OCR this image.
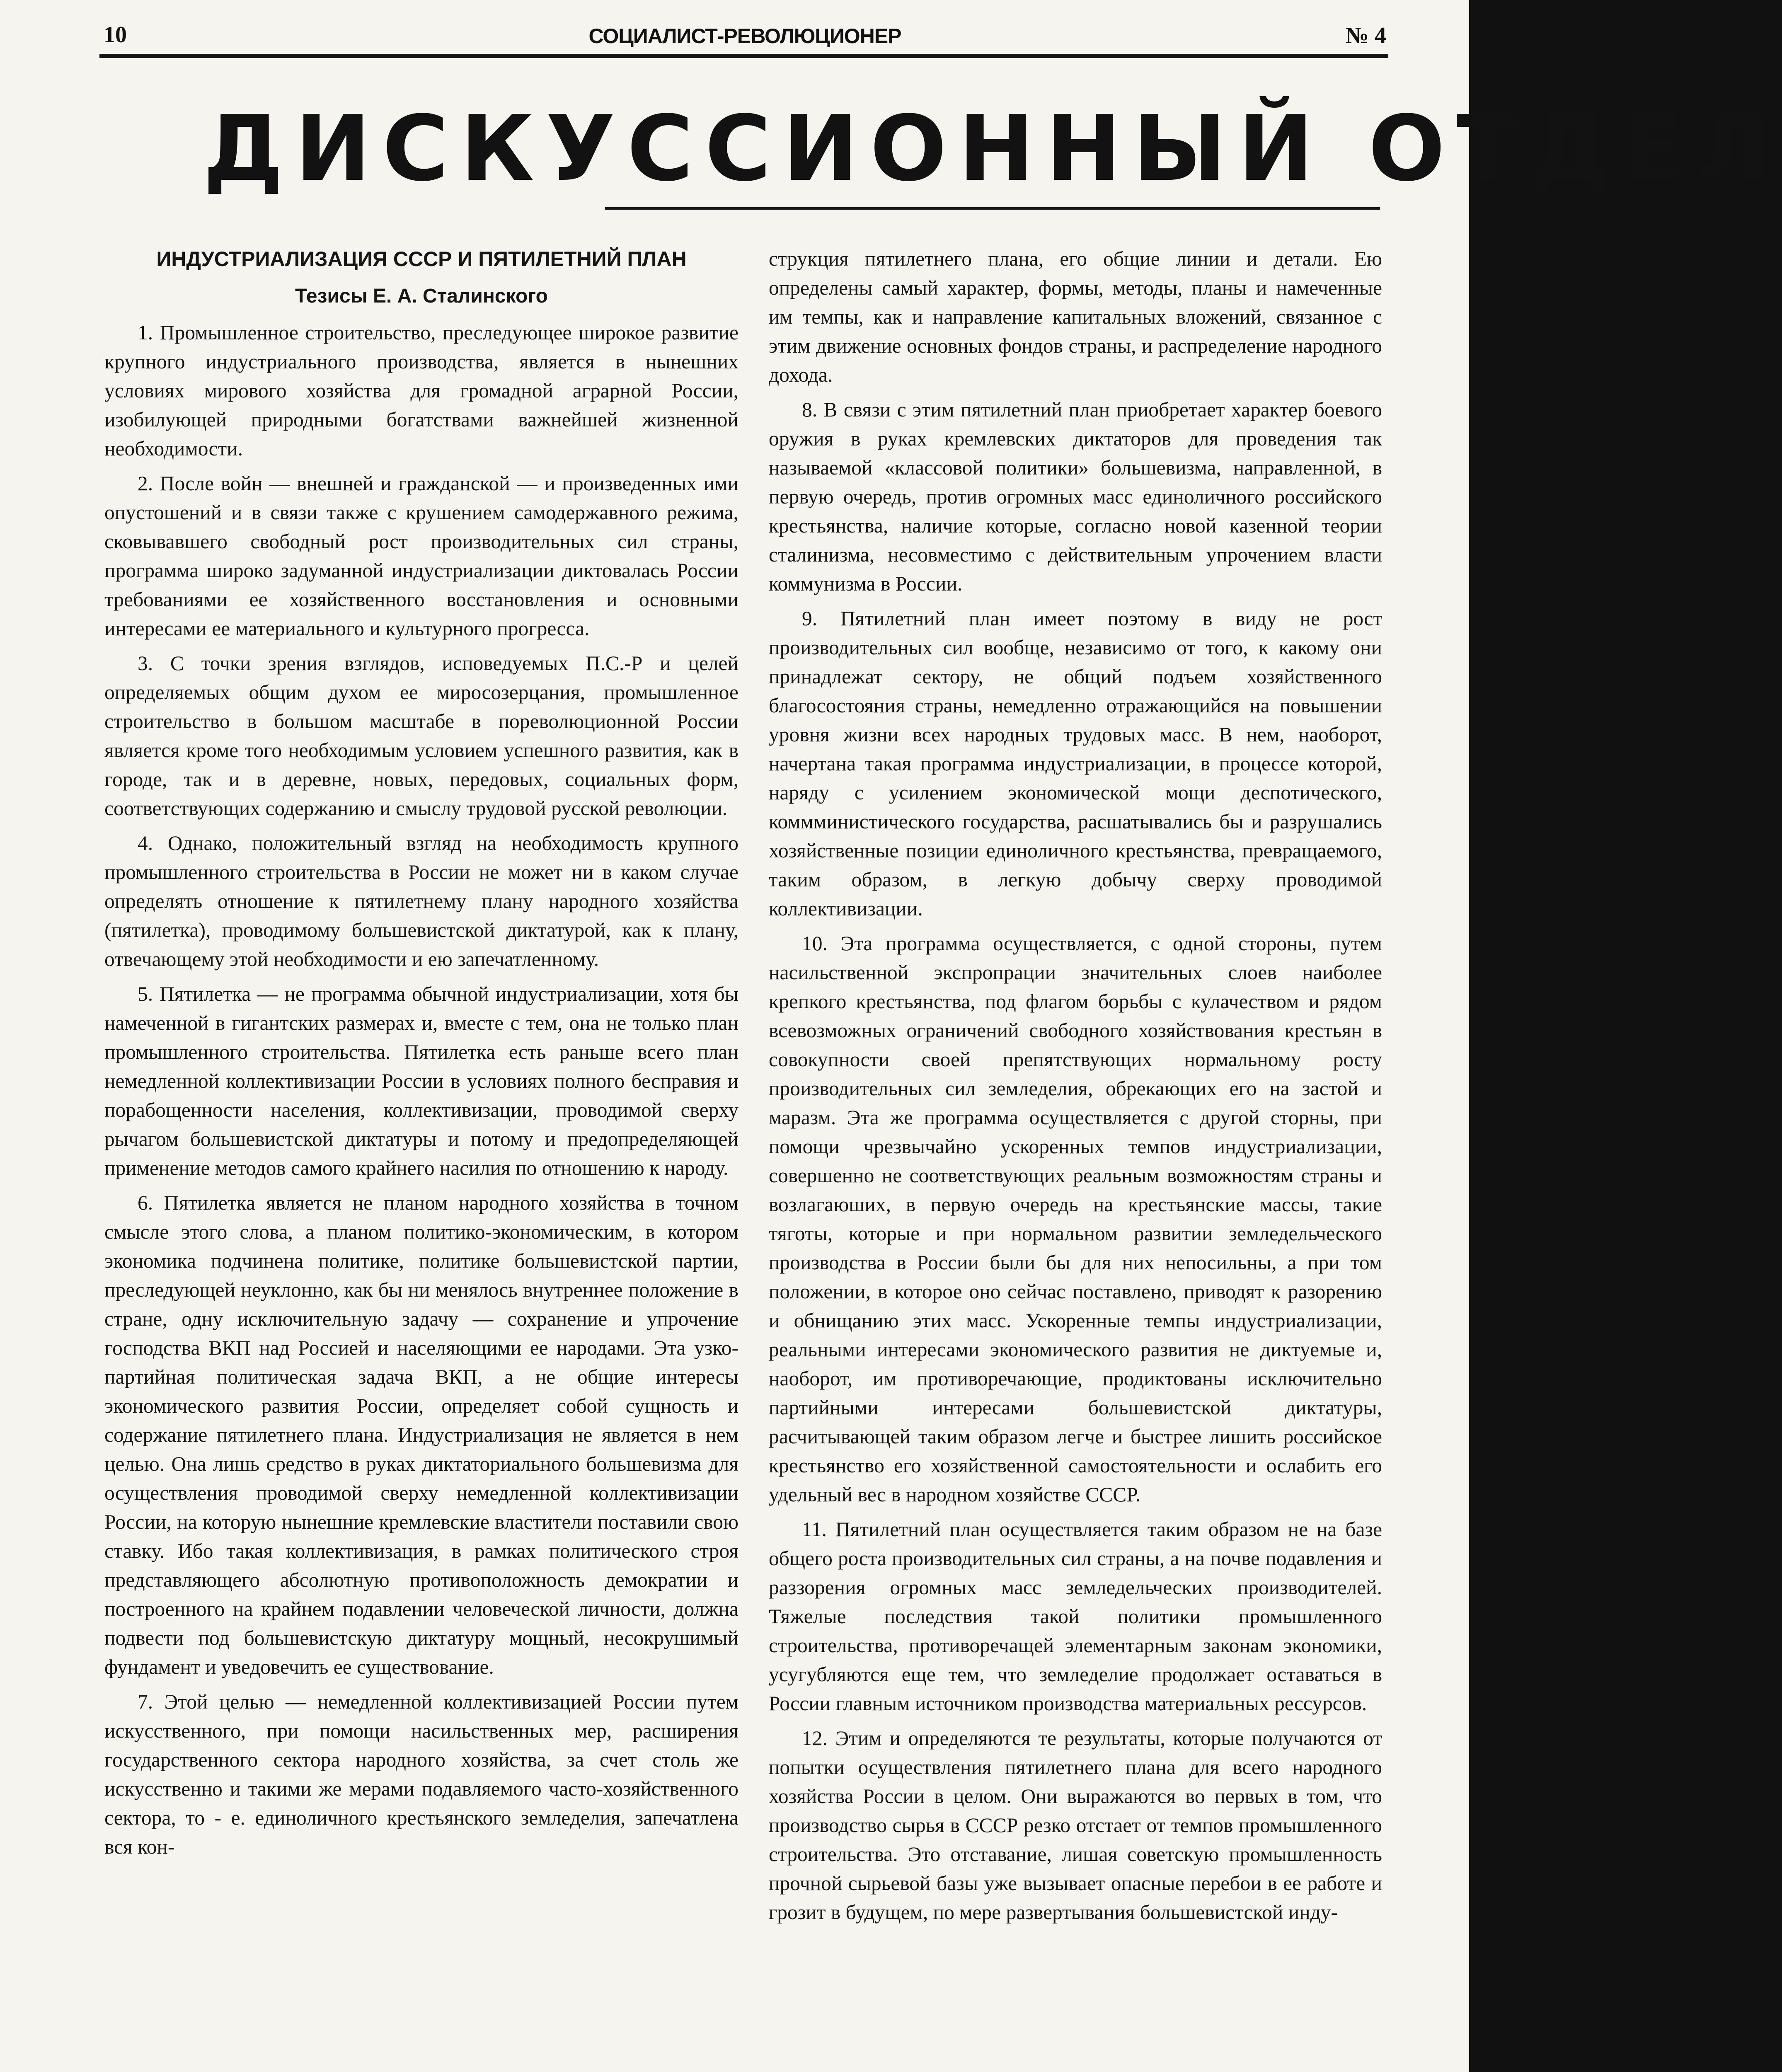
10	СОЦИАЛИСТ-РЕВОЛЮЦИОНЕР	№ 4
ДИСКУССИОННЫЙ ОТДЕЛ
ИНДУСТРИАЛИЗАЦИЯ СССР И ПЯТИЛЕТНИЙ ПЛАН
Тезисы Е. А. Сталинского

1. Промышленное строительство, преследующее широкое развитие крупного индустриального производства, является в нынешних условиях мирового хозяйства для громадной аграрной России, изобилующей природными богатствами важнейшей жизненной необходимости.

2. После войн — внешней и гражданской — и произведенных ими опустошений и в связи также с крушением самодержавного режима, сковывавшего свободный рост производительных сил страны, программа широко задуманной индустриализации диктовалась России требованиями ее хозяйственного восстановления и основными интересами ее материального и культурного прогресса.

3. С точки зрения взглядов, исповедуемых П.С.-Р и целей определяемых общим духом ее миросозерцания, промышленное строительство в большом масштабе в пореволюционной России является кроме того необходимым условием успешного развития, как в городе, так и в деревне, новых, передовых, социальных форм, соответствующих содержанию и смыслу трудовой русской революции.

4. Однако, положительный взгляд на необходимость крупного промышленного строительства в России не может ни в каком случае определять отношение к пятилетнему плану народного хозяйства (пятилетка), проводимому большевистской диктатурой, как к плану, отвечающему этой необходимости и ею запечатленному.

5. Пятилетка — не программа обычной индустриализации, хотя бы намеченной в гигантских размерах и, вместе с тем, она не только план промышленного строительства. Пятилетка есть раньше всего план немедленной коллективизации России в условиях полного бесправия и порабощенности населения, коллективизации, проводимой сверху рычагом большевистской диктатуры и потому и предопределяющей применение методов самого крайнего насилия по отношению к народу.

6. Пятилетка является не планом народного хозяйства в точном смысле этого слова, а планом политико-экономическим, в котором экономика подчинена политике, политике большевистской партии, преследующей неуклонно, как бы ни менялось внутреннее положение в стране, одну исключительную задачу — сохранение и упрочение господства ВКП над Россией и населяющими ее народами. Эта узко-партийная политическая задача ВКП, а не общие интересы экономического развития России, определяет собой сущность и содержание пятилетнего плана. Индустриализация не является в нем целью. Она лишь средство в руках диктаториального большевизма для осуществления проводимой сверху немедленной коллективизации России, на которую нынешние кремлевские властители поставили свою ставку. Ибо такая коллективизация, в рамках политического строя представляющего абсолютную противоположность демократии и построенного на крайнем подавлении человеческой личности, должна подвести под большевистскую диктатуру мощный, несокрушимый фундамент и уведовечить ее существование.

7. Этой целью — немедленной коллективизацией России путем искусственного, при помощи насильственных мер, расширения государственного сектора народного хозяйства, за счет столь же искусственно и такими же мерами подавляемого часто-хозяйственного сектора, то - е. единоличного крестьянского земледелия, запечатлена вся кон-

струкция пятилетнего плана, его общие линии и детали. Ею определены самый характер, формы, методы, планы и намеченные им темпы, как и направление капитальных вложений, связанное с этим движение основных фондов страны, и распределение народного дохода.

8. В связи с этим пятилетний план приобретает характер боевого оружия в руках кремлевских диктаторов для проведения так называемой «классовой политики» большевизма, направленной, в первую очередь, против огромных масс единоличного российского крестьянства, наличие которые, согласно новой казенной теории сталинизма, несовместимо с действительным упрочением власти коммунизма в России.

9. Пятилетний план имеет поэтому в виду не рост производительных сил вообще, независимо от того, к какому они принадлежат сектору, не общий подъем хозяйственного благосостояния страны, немедленно отражающийся на повышении уровня жизни всех народных трудовых масс. В нем, наоборот, начертана такая программа индустриализации, в процессе которой, наряду с усилением экономической мощи деспотического, коммминистического государства, расшатывались бы и разрушались хозяйственные позиции единоличного крестьянства, превращаемого, таким образом, в легкую добычу сверху проводимой коллективизации.

10. Эта программа осуществляется, с одной стороны, путем насильственной экспропрации значительных слоев наиболее крепкого крестьянства, под флагом борьбы с кулачеством и рядом всевозможных ограничений свободного хозяйствования крестьян в совокупности своей препятствующих нормальному росту производительных сил земледелия, обрекающих его на застой и маразм. Эта же программа осуществляется с другой сторны, при помощи чрезвычайно ускоренных темпов индустриализации, совершенно не соответствующих реальным возможностям страны и возлагаюших, в первую очередь на крестьянские массы, такие тяготы, которые и при нормальном развитии земледельческого производства в России были бы для них непосильны, а при том положении, в которое оно сейчас поставлено, приводят к разорению и обнищанию этих масс. Ускоренные темпы индустриализации, реальными интересами экономического развития не диктуемые и, наоборот, им противоречающие, продиктованы исключительно партийными интересами большевистской диктатуры, расчитывающей таким образом легче и быстрее лишить российское крестьянство его хозяйственной самостоятельности и ослабить его удельный вес в народном хозяйстве СССР.

11. Пятилетний план осуществляется таким образом не на базе общего роста производительных сил страны, а на почве подавления и раззорения огромных масс земледельческих производителей. Тяжелые последствия такой политики промышленного строительства, противоречащей элементарным законам экономики, усугубляются еще тем, что земледелие продолжает оставаться в России главным источником производства материальных рессурсов.

12. Этим и определяются те результаты, которые получаются от попытки осуществления пятилетнего плана для всего народного хозяйства России в целом. Они выражаются во первых в том, что производство сырья в СССР резко отстает от темпов промышленного строительства. Это отставание, лишая советскую промышленность прочной сырьевой базы уже вызывает опасные перебои в ее работе и грозит в будущем, по мере развертывания большевистской инду-
